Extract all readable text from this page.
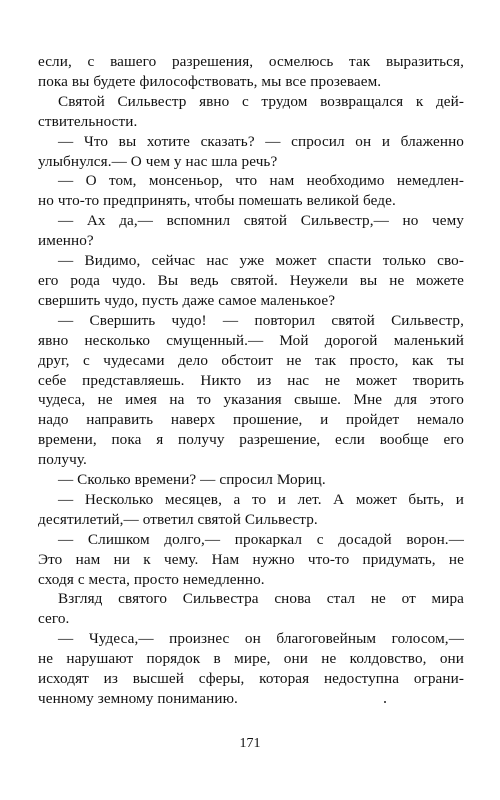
если, с вашего разрешения, осмелюсь так выразиться,
пока вы будете философствовать, мы все прозеваем.
Святой Сильвестр явно с трудом возвращался к дей-
ствительности.
— Что вы хотите сказать? — спросил он и блаженно
улыбнулся.— О чем у нас шла речь?
— О том, монсеньор, что нам необходимо немедлен-
но что-то предпринять, чтобы помешать великой беде.
— Ах да,— вспомнил святой Сильвестр,— но чему
именно?
— Видимо, сейчас нас уже может спасти только сво-
его рода чудо. Вы ведь святой. Неужели вы не можете
свершить чудо, пусть даже самое маленькое?
— Свершить чудо! — повторил святой Сильвестр,
явно несколько смущенный.— Мой дорогой маленький
друг, с чудесами дело обстоит не так просто, как ты
себе представляешь. Никто из нас не может творить
чудеса, не имея на то указания свыше. Мне для этого
надо направить наверх прошение, и пройдет немало
времени, пока я получу разрешение, если вообще его
получу.
— Сколько времени? — спросил Мориц.
— Несколько месяцев, а то и лет. А может быть, и
десятилетий,— ответил святой Сильвестр.
— Слишком долго,— прокаркал с досадой ворон.—
Это нам ни к чему. Нам нужно что-то придумать, не
сходя с места, просто немедленно.
Взгляд святого Сильвестра снова стал не от мира
сего.
— Чудеса,— произнес он благоговейным голосом,—
не нарушают порядок в мире, они не колдовство, они
исходят из высшей сферы, которая недоступна ограни-
ченному земному пониманию.
171
